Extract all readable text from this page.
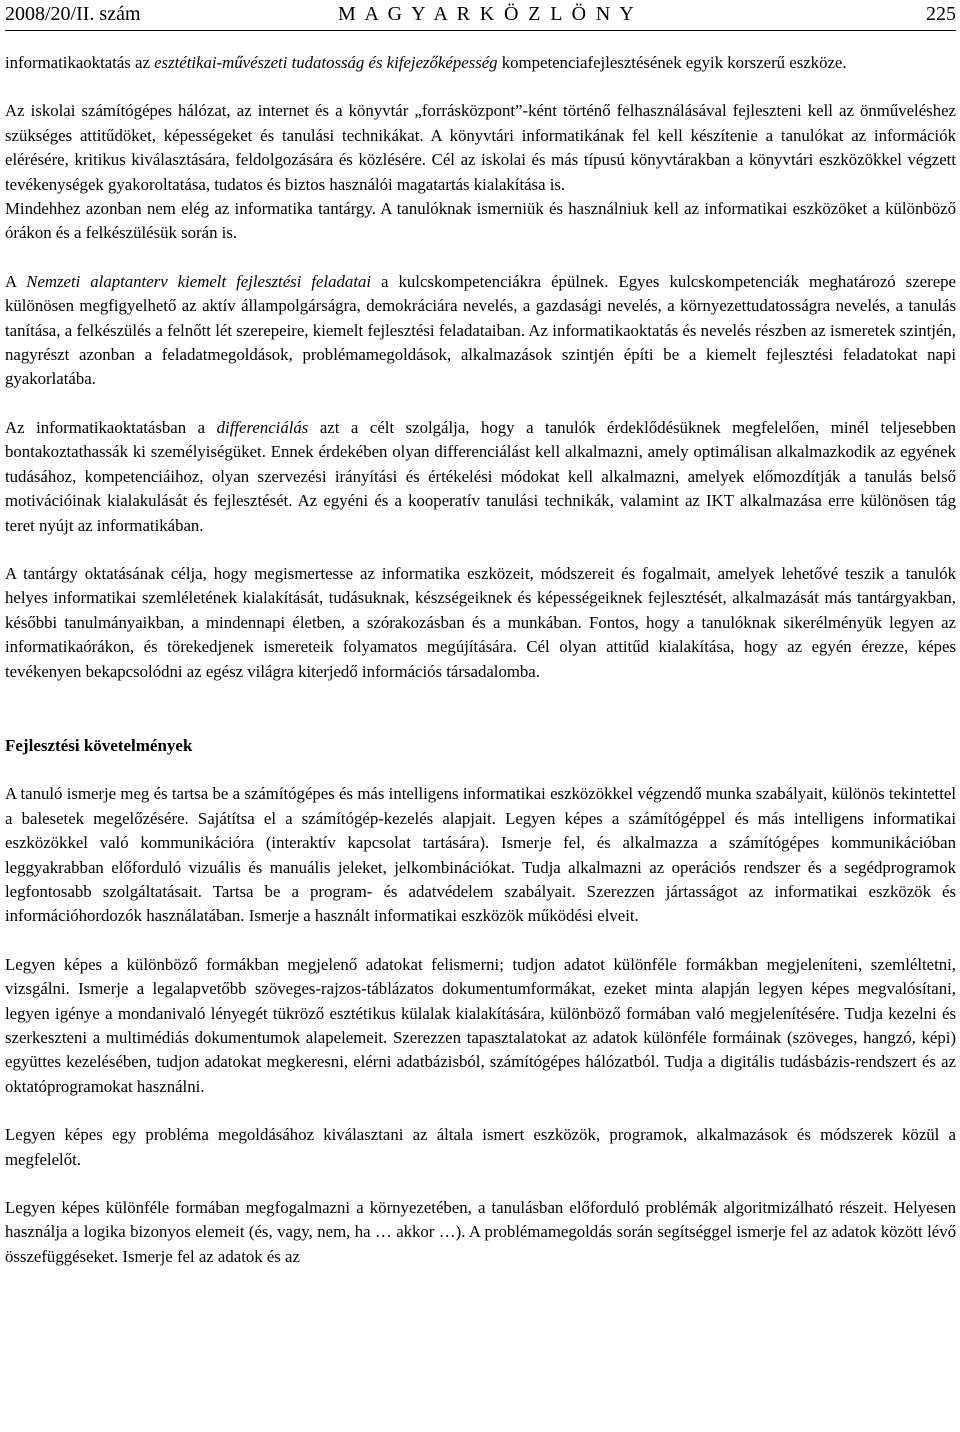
2008/20/II. szám	M A G Y A R K Ö Z L Ö N Y	225

informatikaoktatás az esztétikai-művészeti tudatosság és kifejezőképesség kompetenciafejlesztésének egyik korszerű eszköze.

Az iskolai számítógépes hálózat, az internet és a könyvtár „forrásközpont”-ként történő felhasználásával fejleszteni kell az önműveléshez szükséges attitűdöket, képességeket és tanulási technikákat. A könyvtári informatikának fel kell készítenie a tanulókat az információk elérésére, kritikus kiválasztására, feldolgozására és közlésére. Cél az iskolai és más típusú könyvtárakban a könyvtári eszközökkel végzett tevékenységek gyakoroltatása, tudatos és biztos használói magatartás kialakítása is.

Mindehhez azonban nem elég az informatika tantárgy. A tanulóknak ismerniük és használniuk kell az informatikai eszközöket a különböző órákon és a felkészülésük során is.

A Nemzeti alaptanterv kiemelt fejlesztési feladatai a kulcskompetenciákra épülnek. Egyes kulcskompetenciák meghatározó szerepe különösen megfigyelhető az aktív állampolgárságra, demokráciára nevelés, a gazdasági nevelés, a környezettudatosságra nevelés, a tanulás tanítása, a felkészülés a felnőtt lét szerepeire, kiemelt fejlesztési feladataiban. Az informatikaoktatás és nevelés részben az ismeretek szintjén, nagyrészt azonban a feladatmegoldások, problémamegoldások, alkalmazások szintjén építi be a kiemelt fejlesztési feladatokat napi gyakorlatába.

Az informatikaoktatásban a differenciálás azt a célt szolgálja, hogy a tanulók érdeklődésüknek megfelelően, minél teljesebben bontakoztathassák ki személyiségüket. Ennek érdekében olyan differenciálást kell alkalmazni, amely optimálisan alkalmazkodik az egyének tudásához, kompetenciáihoz, olyan szervezési irányítási és értékelési módokat kell alkalmazni, amelyek előmozdítják a tanulás belső motivációinak kialakulását és fejlesztését. Az egyéni és a kooperatív tanulási technikák, valamint az IKT alkalmazása erre különösen tág teret nyújt az informatikában.

A tantárgy oktatásának célja, hogy megismertesse az informatika eszközeit, módszereit és fogalmait, amelyek lehetővé teszik a tanulók helyes informatikai szemléletének kialakítását, tudásuknak, készségeiknek és képességeiknek fejlesztését, alkalmazását más tantárgyakban, későbbi tanulmányaikban, a mindennapi életben, a szórakozásban és a munkában. Fontos, hogy a tanulóknak sikerélményük legyen az informatikaórákon, és törekedjenek ismereteik folyamatos megújítására. Cél olyan attitűd kialakítása, hogy az egyén érezze, képes tevékenyen bekapcsolódni az egész világra kiterjedő információs társadalomba.

Fejlesztési követelmények

A tanuló ismerje meg és tartsa be a számítógépes és más intelligens informatikai eszközökkel végzendő munka szabályait, különös tekintettel a balesetek megelőzésére. Sajátítsa el a számítógép-kezelés alapjait. Legyen képes a számítógéppel és más intelligens informatikai eszközökkel való kommunikációra (interaktív kapcsolat tartására). Ismerje fel, és alkalmazza a számítógépes kommunikációban leggyakrabban előforduló vizuális és manuális jeleket, jelkombinációkat. Tudja alkalmazni az operációs rendszer és a segédprogramok legfontosabb szolgáltatásait. Tartsa be a program- és adatvédelem szabályait. Szerezzen jártasságot az informatikai eszközök és információhordozók használatában. Ismerje a használt informatikai eszközök működési elveit.

Legyen képes a különböző formákban megjelenő adatokat felismerni; tudjon adatot különféle formákban megjeleníteni, szemléltetni, vizsgálni. Ismerje a legalapvetőbb szöveges-rajzos-táblázatos dokumentumformákat, ezeket minta alapján legyen képes megvalósítani, legyen igénye a mondanivaló lényegét tükröző esztétikus külalak kialakítására, különböző formában való megjelenítésére. Tudja kezelni és szerkeszteni a multimédiás dokumentumok alapelemeit. Szerezzen tapasztalatokat az adatok különféle formáinak (szöveges, hangzó, képi) együttes kezelésében, tudjon adatokat megkeresni, elérni adatbázisból, számítógépes hálózatból. Tudja a digitális tudásbázis-rendszert és az oktatóprogramokat használni.

Legyen képes egy probléma megoldásához kiválasztani az általa ismert eszközök, programok, alkalmazások és módszerek közül a megfelelőt.

Legyen képes különféle formában megfogalmazni a környezetében, a tanulásban előforduló problémák algoritmizálható részeit. Helyesen használja a logika bizonyos elemeit (és, vagy, nem, ha … akkor …). A problémamegoldás során segítséggel ismerje fel az adatok között lévő összefüggéseket. Ismerje fel az adatok és az
